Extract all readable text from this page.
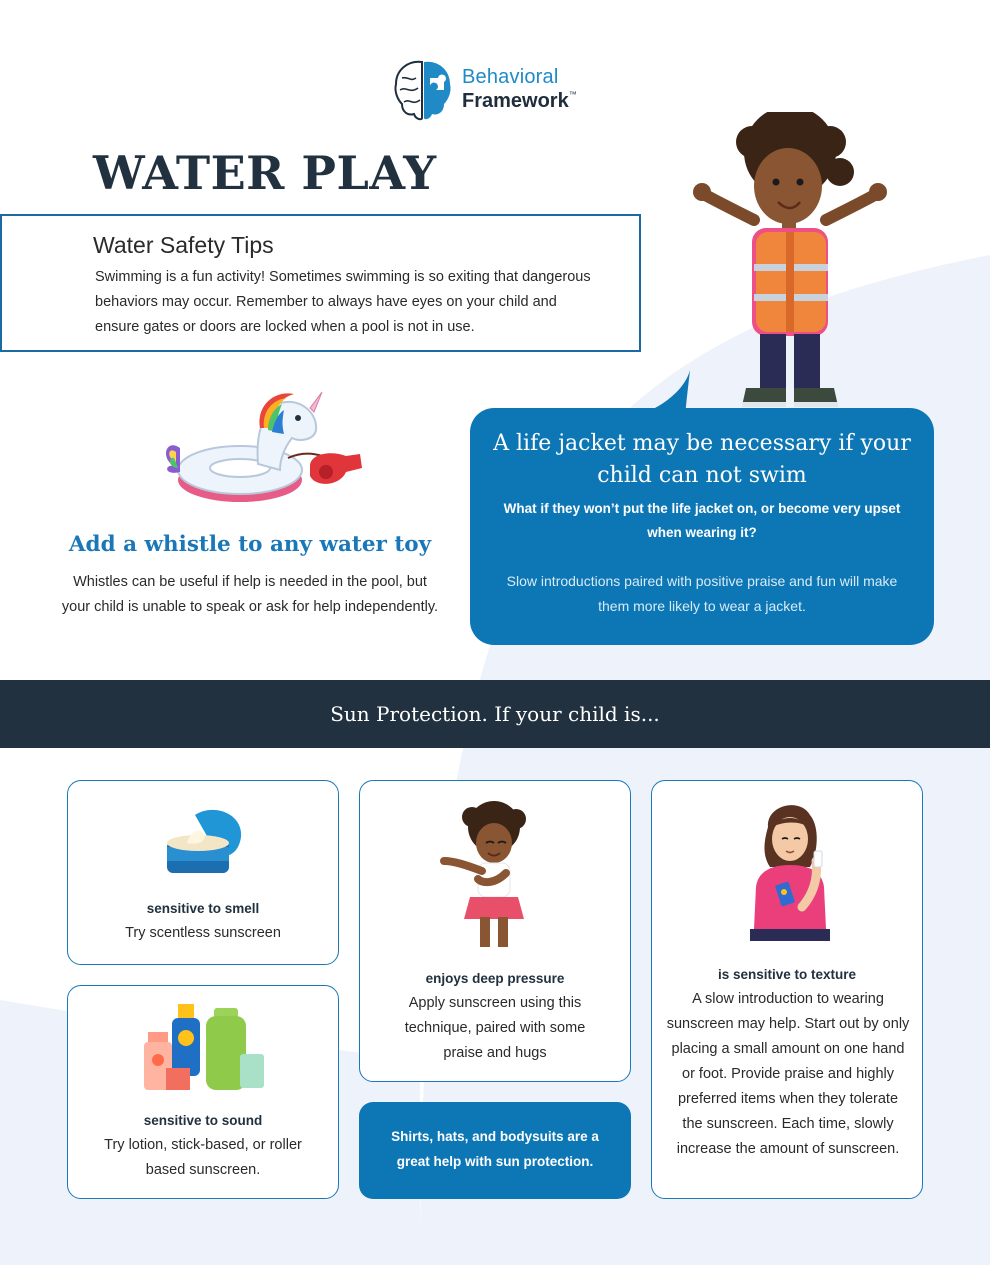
Behavioral
Framework™
WATER PLAY
Water Safety Tips
Swimming is a fun activity! Sometimes swimming is so exiting that dangerous behaviors may occur. Remember to always have eyes on your child and ensure gates or doors are locked when a pool is not in use.
Add a whistle to any water toy
Whistles can be useful if help is needed in the pool, but your child is unable to speak or ask for help independently.
A life jacket may be necessary if your child can not swim
What if they won’t put the life jacket on, or become very upset when wearing it?
Slow introductions paired with positive praise and fun will make them more likely to wear a jacket.
Sun Protection. If your child is...
sensitive to smell
Try scentless sunscreen
sensitive to sound
Try lotion, stick-based, or roller based sunscreen.
enjoys deep pressure
Apply sunscreen using this technique, paired with some praise and hugs
is sensitive to texture
A slow introduction to wearing sunscreen may help. Start out by only placing a small amount on one hand or foot. Provide praise and highly preferred items when they tolerate the sunscreen. Each time, slowly increase the amount of sunscreen.
Shirts, hats, and bodysuits are a great help with sun protection.
